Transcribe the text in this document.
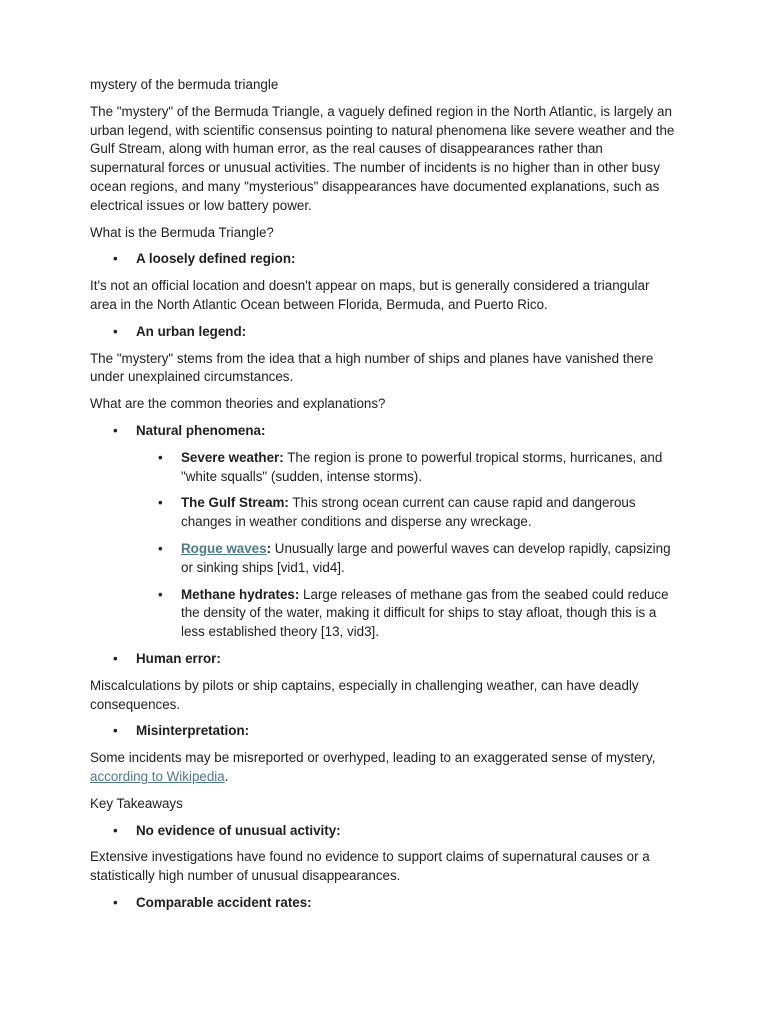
mystery of the bermuda triangle

The "mystery" of the Bermuda Triangle, a vaguely defined region in the North Atlantic, is largely an urban legend, with scientific consensus pointing to natural phenomena like severe weather and the Gulf Stream, along with human error, as the real causes of disappearances rather than supernatural forces or unusual activities. The number of incidents is no higher than in other busy ocean regions, and many "mysterious" disappearances have documented explanations, such as electrical issues or low battery power.

What is the Bermuda Triangle?

• A loosely defined region:

It's not an official location and doesn't appear on maps, but is generally considered a triangular area in the North Atlantic Ocean between Florida, Bermuda, and Puerto Rico.

• An urban legend:

The "mystery" stems from the idea that a high number of ships and planes have vanished there under unexplained circumstances.

What are the common theories and explanations?

• Natural phenomena:
• Severe weather: The region is prone to powerful tropical storms, hurricanes, and "white squalls" (sudden, intense storms).
• The Gulf Stream: This strong ocean current can cause rapid and dangerous changes in weather conditions and disperse any wreckage.
• Rogue waves: Unusually large and powerful waves can develop rapidly, capsizing or sinking ships [vid1, vid4].
• Methane hydrates: Large releases of methane gas from the seabed could reduce the density of the water, making it difficult for ships to stay afloat, though this is a less established theory [13, vid3].
• Human error:

Miscalculations by pilots or ship captains, especially in challenging weather, can have deadly consequences.

• Misinterpretation:

Some incidents may be misreported or overhyped, leading to an exaggerated sense of mystery, according to Wikipedia.

Key Takeaways

• No evidence of unusual activity:

Extensive investigations have found no evidence to support claims of supernatural causes or a statistically high number of unusual disappearances.

• Comparable accident rates:
